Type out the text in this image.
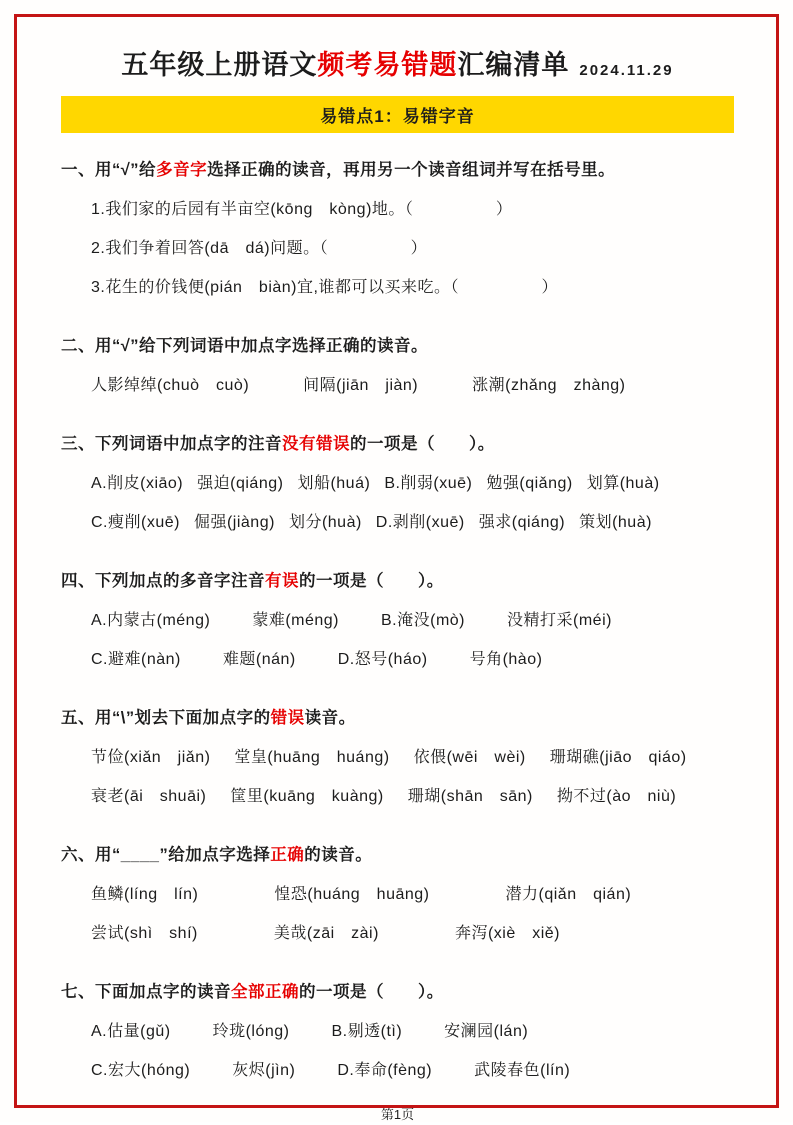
五年级上册语文频考易错题汇编清单 2024.11.29
易错点1：易错字音

一、用“√”给多音字选择正确的读音，再用另一个读音组词并写在括号里。

1.我们家的后园有半亩空(kōng　kòng)地。（　　　　　）

2.我们争着回答(dā　dá)问题。（　　　　　）

3.花生的价钱便(pián　biàn)宜,谁都可以买来吃。（　　　　　）

二、用“√”给下列词语中加点字选择正确的读音。

人影绰绰(chuò　cuò)	间隔(jiān　jiàn)	涨潮(zhǎng　zhàng)

三、下列词语中加点字的注音没有错误的一项是（　　）。

A.削皮(xiāo) 强迫(qiáng) 划船(huá) B.削弱(xuē) 勉强(qiǎng) 划算(huà)
C.瘦削(xuē) 倔强(jiàng) 划分(huà) D.剥削(xuē) 强求(qiáng) 策划(huà)

四、下列加点的多音字注音有误的一项是（　　）。

A.内蒙古(méng)	蒙难(méng)	B.淹没(mò)	没精打采(méi)
C.避难(nàn)	难题(nán)	D.怒号(háo)	号角(hào)

五、用“\”划去下面加点字的错误读音。

节俭(xiǎn　jiǎn) 堂皇(huāng　huáng) 依偎(wēi　wèi) 珊瑚礁(jiāo　qiáo)
衰老(āi　shuāi) 筐里(kuāng　kuàng) 珊瑚(shān　sān) 拗不过(ào　niù)

六、用“____”给加点字选择正确的读音。

鱼鳞(líng　lín)	惶恐(huáng　huāng)	潜力(qiǎn　qián)
尝试(shì　shí)	美哉(zāi　zài)	奔泻(xiè　xiě)

七、下面加点字的读音全部正确的一项是（　　）。

A.估量(gǔ)	玲珑(lóng)	B.剔透(tì)	安澜园(lán)
C.宏大(hóng)	灰烬(jìn)	D.奉命(fèng)	武陵春色(lín)
第1页
